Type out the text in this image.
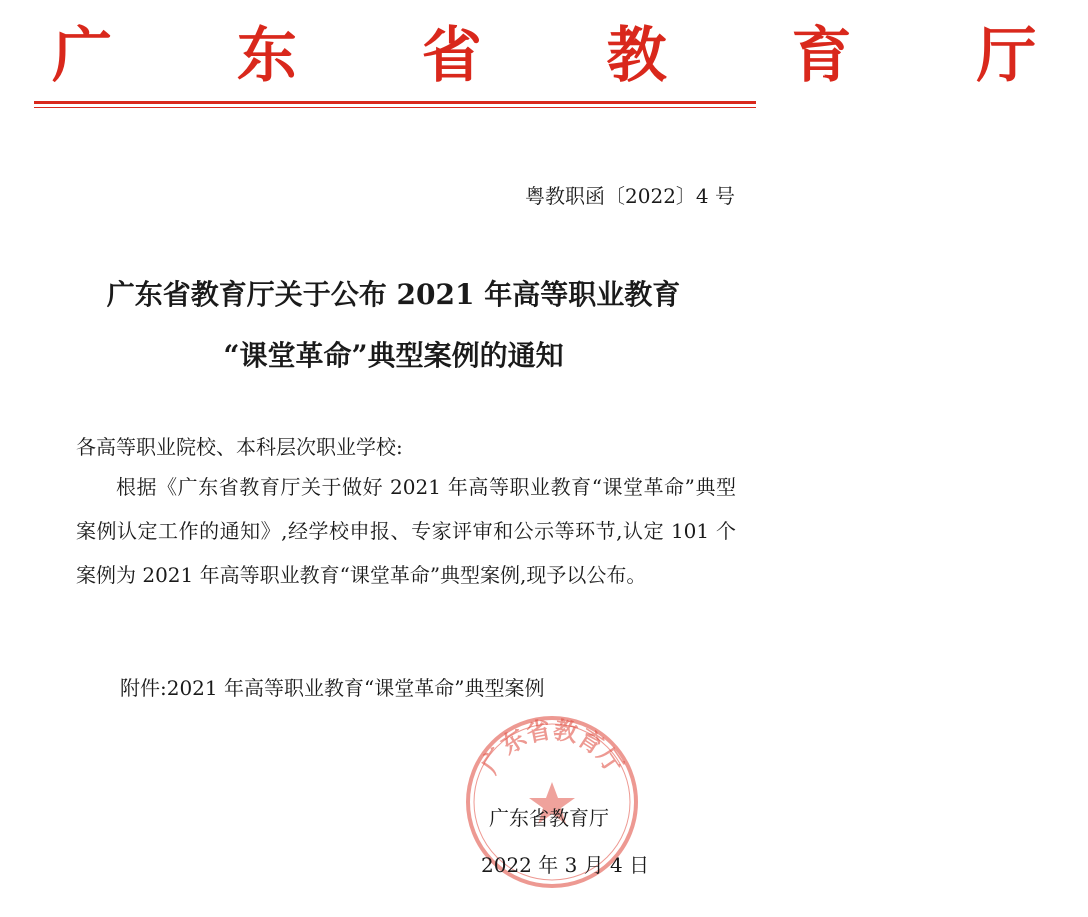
广 东 省 教 育 厅
粤教职函〔2022〕4 号
广东省教育厅关于公布 2021 年高等职业教育
“课堂革命”典型案例的通知
各高等职业院校、本科层次职业学校:
根据《广东省教育厅关于做好 2021 年高等职业教育“课堂革命”典型案例认定工作的通知》,经学校申报、专家评审和公示等环节,认定 101 个案例为 2021 年高等职业教育“课堂革命”典型案例,现予以公布。
附件:2021 年高等职业教育“课堂革命”典型案例
广东省教育厅
广东省教育厅
2022 年 3 月 4 日
